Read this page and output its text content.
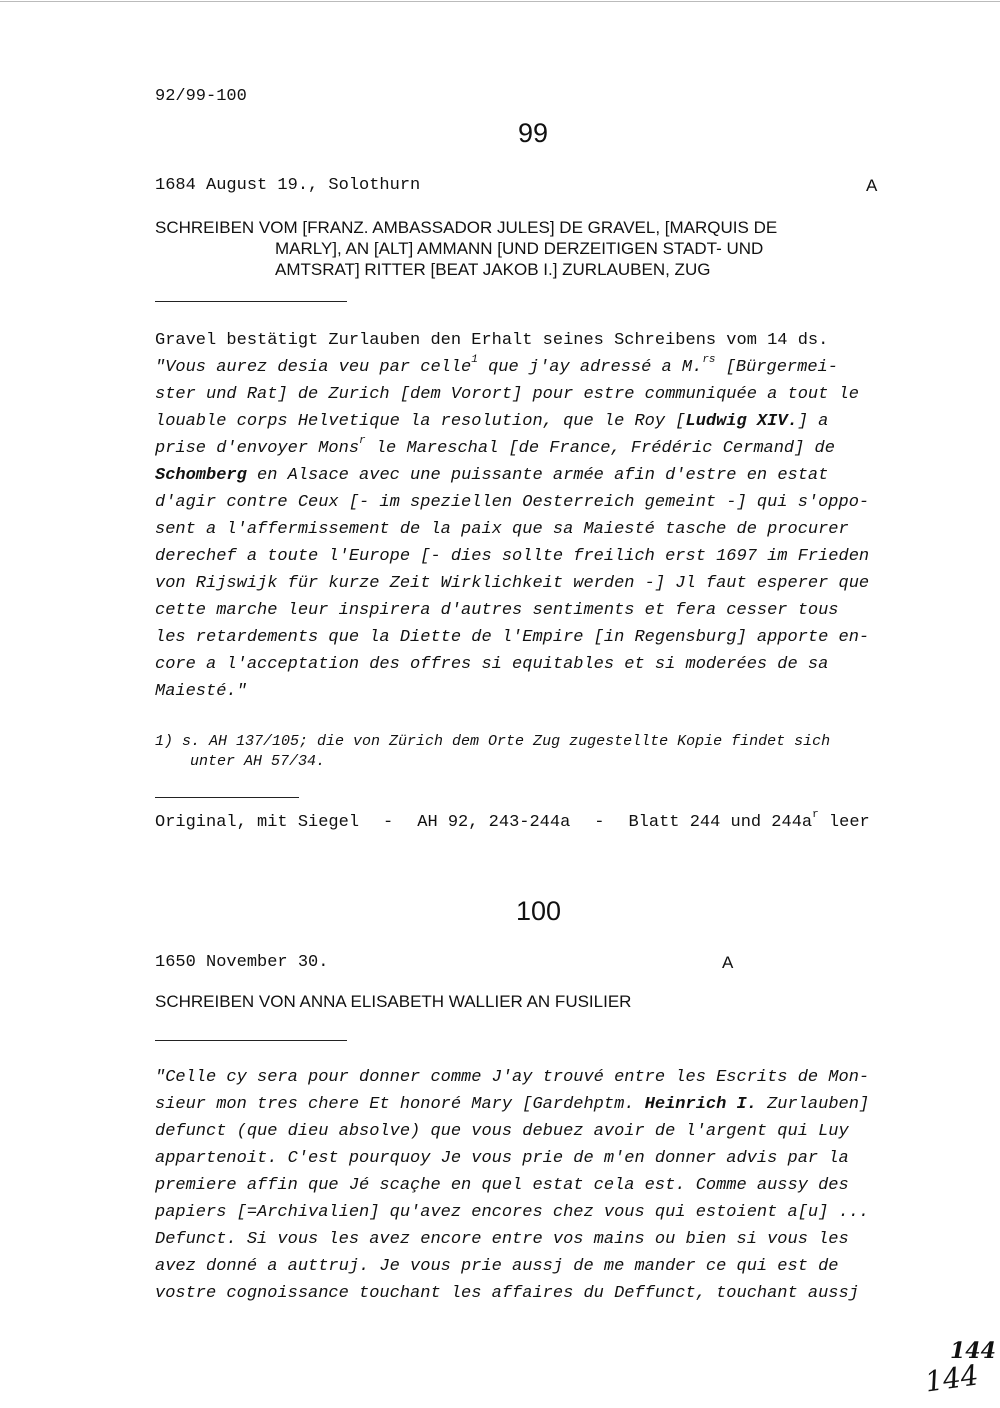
92/99-100
99
1684 August 19., Solothurn	A
SCHREIBEN VOM [FRANZ. AMBASSADOR JULES] DE GRAVEL, [MARQUIS DE
MARLY], AN [ALT] AMMANN [UND DERZEITIGEN STADT- UND
AMTSRAT] RITTER [BEAT JAKOB I.] ZURLAUBEN, ZUG
Gravel bestätigt Zurlauben den Erhalt seines Schreibens vom 14 ds.
"Vous aurez desia veu par celle$^1$ que j'ay adressé a M.$^{rs}$ [Bürgermei-
ster und Rat] de Zurich [dem Vorort] pour estre communiquée a tout le
louable corps Helvetique la resolution, que le Roy [Ludwig XIV.] a
prise d'envoyer Mons$^r$ le Mareschal [de France, Frédéric Cermand] de
Schomberg en Alsace avec une puissante armée afin d'estre en estat
d'agir contre Ceux [- im speziellen Oesterreich gemeint -] qui s'oppo-
sent a l'affermissement de la paix que sa Maiesté tasche de procurer
derechef a toute l'Europe [- dies sollte freilich erst 1697 im Frieden
von Rijswijk für kurze Zeit Wirklichkeit werden -] Jl faut esperer que
cette marche leur inspirera d'autres sentiments et fera cesser tous
les retardements que la Diette de l'Empire [in Regensburg] apporte en-
core a l'acceptation des offres si equitables et si moderées de sa
Maiesté."
1) s. AH 137/105; die von Zürich dem Orte Zug zugestellte Kopie findet sich
unter AH 57/34.
Original, mit Siegel - AH 92, 243-244a - Blatt 244 und $244a^r$ leer
100
1650 November 30.	A
SCHREIBEN VON ANNA ELISABETH WALLIER AN FUSILIER
"Celle cy sera pour donner comme J'ay trouvé entre les Escrits de Mon-
sieur mon tres chere Et honoré Mary [Gardehptm. Heinrich I. Zurlauben]
defunct (que dieu absolve) que vous debuez avoir de l'argent qui Luy
appartenoit. C'est pourquoy Je vous prie de m'en donner advis par la
premiere affin que Jé scaçhe en quel estat cela est. Comme aussy des
papiers [=Archivalien] qu'avez encores chez vous qui estoient a[u] ...
Defunct. Si vous les avez encore entre vos mains ou bien si vous les
avez donné a auttruj. Je vous prie aussj de me mander ce qui est de
vostre cognoissance touchant les affaires du Deffunct, touchant aussj
144
144
